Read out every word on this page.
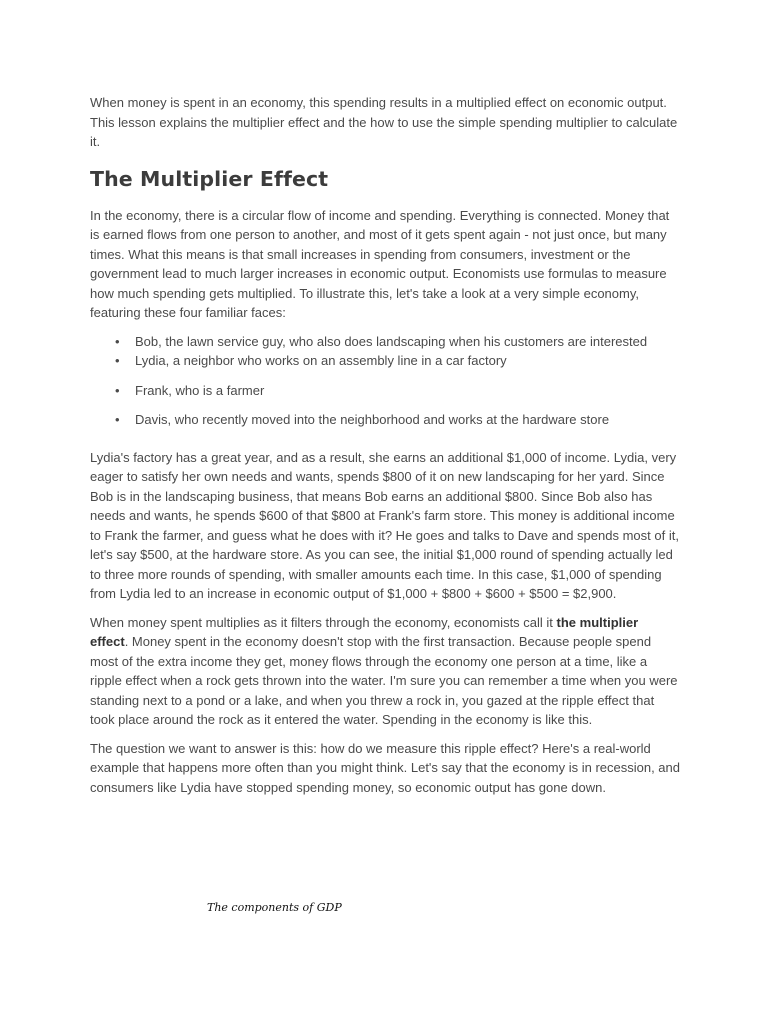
When money is spent in an economy, this spending results in a multiplied effect on economic output. This lesson explains the multiplier effect and the how to use the simple spending multiplier to calculate it.

The Multiplier Effect

In the economy, there is a circular flow of income and spending. Everything is connected. Money that is earned flows from one person to another, and most of it gets spent again - not just once, but many times. What this means is that small increases in spending from consumers, investment or the government lead to much larger increases in economic output. Economists use formulas to measure how much spending gets multiplied. To illustrate this, let's take a look at a very simple economy, featuring these four familiar faces:

• Bob, the lawn service guy, who also does landscaping when his customers are interested
• Lydia, a neighbor who works on an assembly line in a car factory
• Frank, who is a farmer
• Davis, who recently moved into the neighborhood and works at the hardware store

Lydia's factory has a great year, and as a result, she earns an additional $1,000 of income. Lydia, very eager to satisfy her own needs and wants, spends $800 of it on new landscaping for her yard. Since Bob is in the landscaping business, that means Bob earns an additional $800. Since Bob also has needs and wants, he spends $600 of that $800 at Frank's farm store. This money is additional income to Frank the farmer, and guess what he does with it? He goes and talks to Dave and spends most of it, let's say $500, at the hardware store. As you can see, the initial $1,000 round of spending actually led to three more rounds of spending, with smaller amounts each time. In this case, $1,000 of spending from Lydia led to an increase in economic output of $1,000 + $800 + $600 + $500 = $2,900.

When money spent multiplies as it filters through the economy, economists call it the multiplier effect. Money spent in the economy doesn't stop with the first transaction. Because people spend most of the extra income they get, money flows through the economy one person at a time, like a ripple effect when a rock gets thrown into the water. I'm sure you can remember a time when you were standing next to a pond or a lake, and when you threw a rock in, you gazed at the ripple effect that took place around the rock as it entered the water. Spending in the economy is like this.

The question we want to answer is this: how do we measure this ripple effect? Here's a real-world example that happens more often than you might think. Let's say that the economy is in recession, and consumers like Lydia have stopped spending money, so economic output has gone down.

The components of GDP
